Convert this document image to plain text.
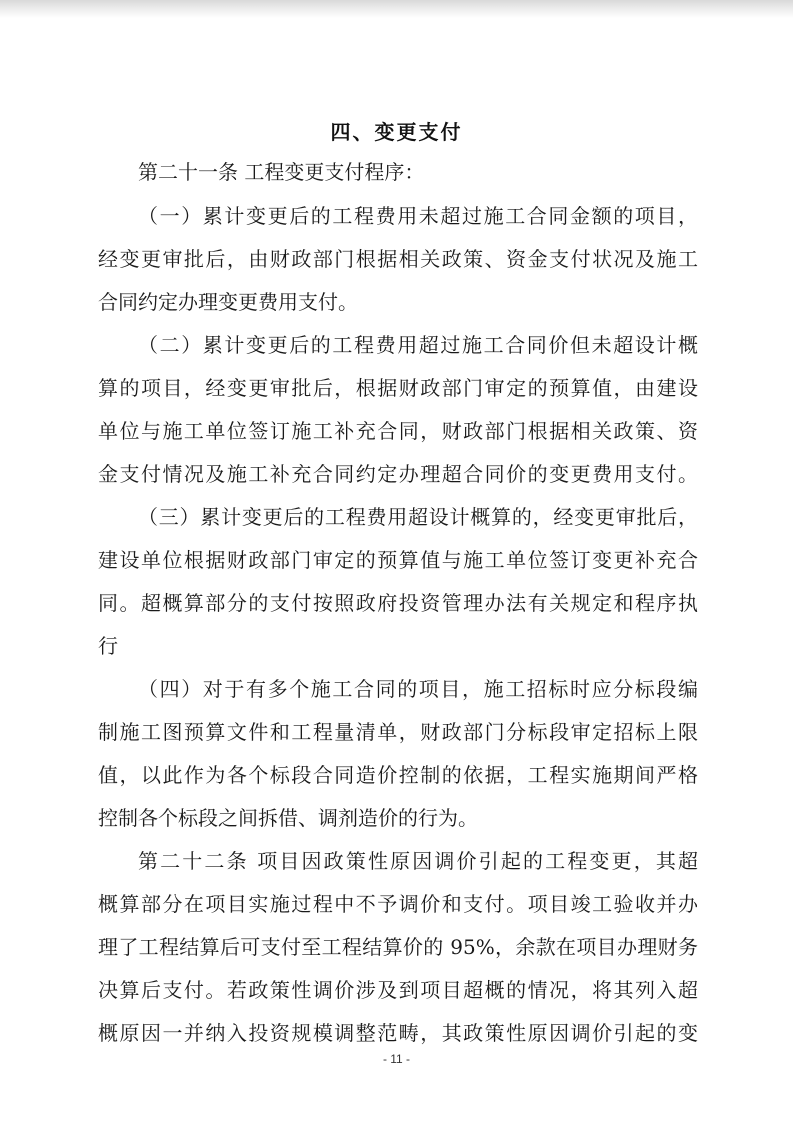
四、变更支付
第二十一条 工程变更支付程序：
（一）累计变更后的工程费用未超过施工合同金额的项目，
经变更审批后，由财政部门根据相关政策、资金支付状况及施工
合同约定办理变更费用支付。
（二）累计变更后的工程费用超过施工合同价但未超设计概
算的项目，经变更审批后，根据财政部门审定的预算值，由建设
单位与施工单位签订施工补充合同，财政部门根据相关政策、资
金支付情况及施工补充合同约定办理超合同价的变更费用支付。
（三）累计变更后的工程费用超设计概算的，经变更审批后，
建设单位根据财政部门审定的预算值与施工单位签订变更补充合
同。超概算部分的支付按照政府投资管理办法有关规定和程序执
行
（四）对于有多个施工合同的项目，施工招标时应分标段编
制施工图预算文件和工程量清单，财政部门分标段审定招标上限
值，以此作为各个标段合同造价控制的依据，工程实施期间严格
控制各个标段之间拆借、调剂造价的行为。
第二十二条 项目因政策性原因调价引起的工程变更，其超
概算部分在项目实施过程中不予调价和支付。项目竣工验收并办
理了工程结算后可支付至工程结算价的 95%，余款在项目办理财务
决算后支付。若政策性调价涉及到项目超概的情况，将其列入超
概原因一并纳入投资规模调整范畴，其政策性原因调价引起的变
- 11 -
